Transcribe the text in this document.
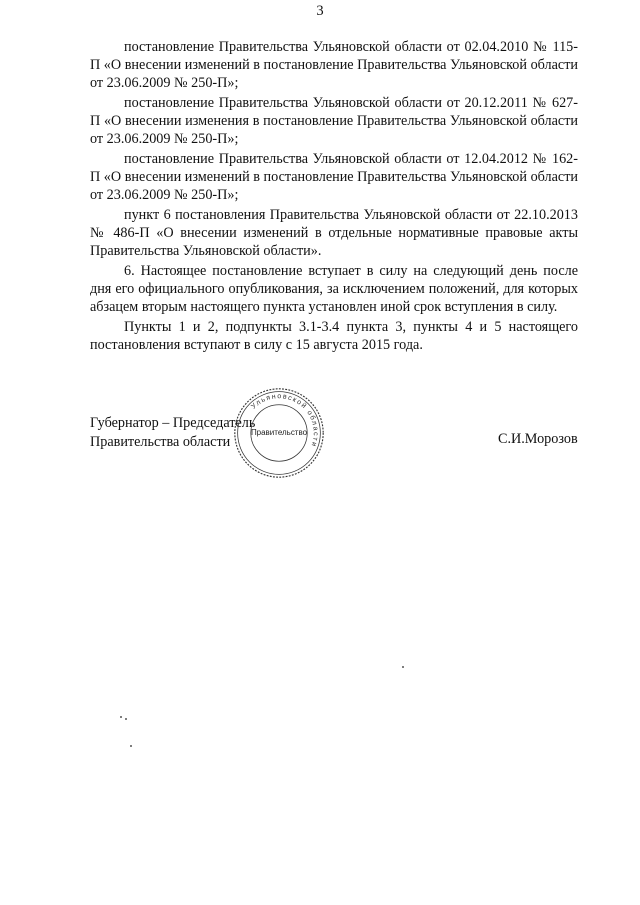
3

постановление Правительства Ульяновской области от 02.04.2010 № 115-П «О внесении изменений в постановление Правительства Ульяновской области от 23.06.2009 № 250-П»;

постановление Правительства Ульяновской области от 20.12.2011 № 627-П «О внесении изменения в постановление Правительства Ульяновской области от 23.06.2009 № 250-П»;

постановление Правительства Ульяновской области от 12.04.2012 № 162-П «О внесении изменений в постановление Правительства Ульяновской области от 23.06.2009 № 250-П»;

пункт 6 постановления Правительства Ульяновской области от 22.10.2013 № 486-П «О внесении изменений в отдельные нормативные правовые акты Правительства Ульяновской области».

6. Настоящее постановление вступает в силу на следующий день после дня его официального опубликования, за исключением положений, для которых абзацем вторым настоящего пункта установлен иной срок вступления в силу.

Пункты 1 и 2, подпункты 3.1-3.4 пункта 3, пункты 4 и 5 настоящего постановления вступают в силу с 15 августа 2015 года.

Губернатор – Председатель
Правительства области
Ульяновской области
Правительство	С.И.Морозов
